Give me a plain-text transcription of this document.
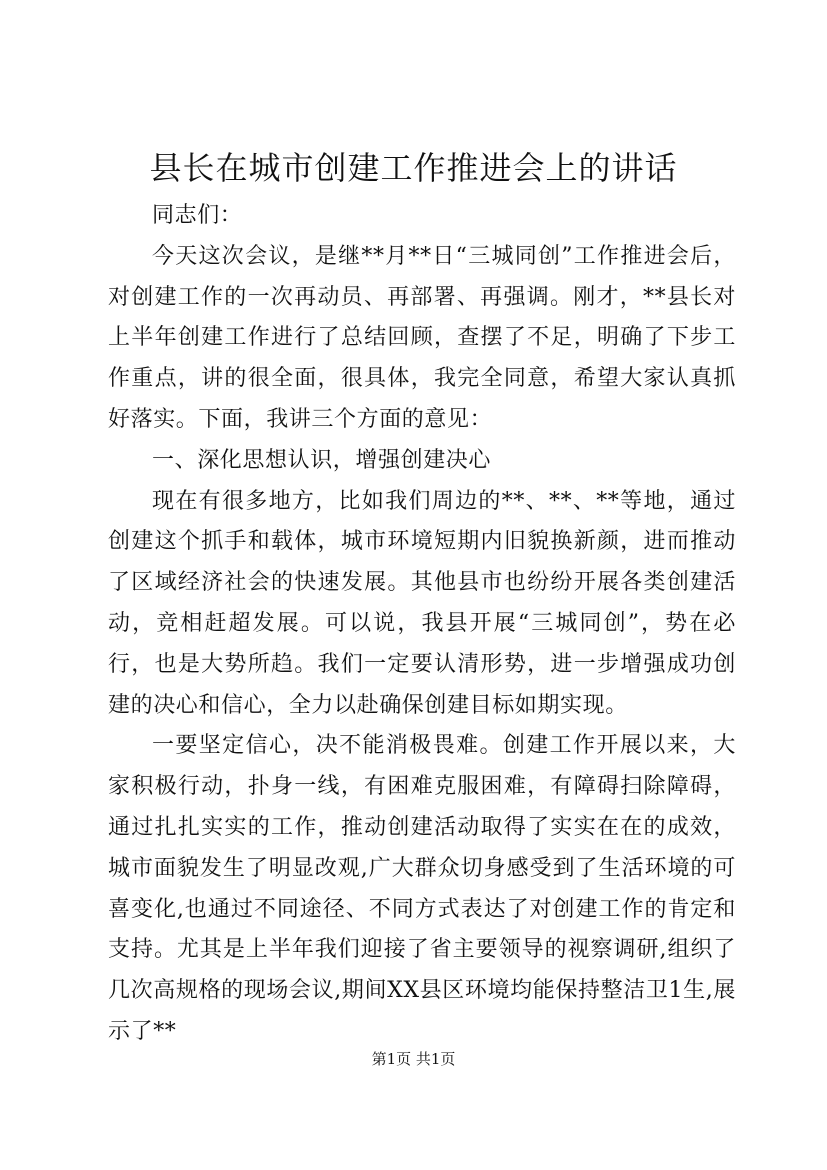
县长在城市创建工作推进会上的讲话

同志们：

今天这次会议，是继**月**日“三城同创”工作推进会后，对创建工作的一次再动员、再部署、再强调。刚才，**县长对上半年创建工作进行了总结回顾，查摆了不足，明确了下步工作重点，讲的很全面，很具体，我完全同意，希望大家认真抓好落实。下面，我讲三个方面的意见：

一、深化思想认识，增强创建决心

现在有很多地方，比如我们周边的**、**、**等地，通过创建这个抓手和载体，城市环境短期内旧貌换新颜，进而推动了区域经济社会的快速发展。其他县市也纷纷开展各类创建活动，竞相赶超发展。可以说，我县开展“三城同创”，势在必行，也是大势所趋。我们一定要认清形势，进一步增强成功创建的决心和信心，全力以赴确保创建目标如期实现。

一要坚定信心，决不能消极畏难。创建工作开展以来，大家积极行动，扑身一线，有困难克服困难，有障碍扫除障碍，通过扎扎实实的工作，推动创建活动取得了实实在在的成效，城市面貌发生了明显改观,广大群众切身感受到了生活环境的可喜变化,也通过不同途径、不同方式表达了对创建工作的肯定和支持。尤其是上半年我们迎接了省主要领导的视察调研,组织了几次高规格的现场会议,期间XX县区环境均能保持整洁卫1生,展示了**

第1页 共1页
